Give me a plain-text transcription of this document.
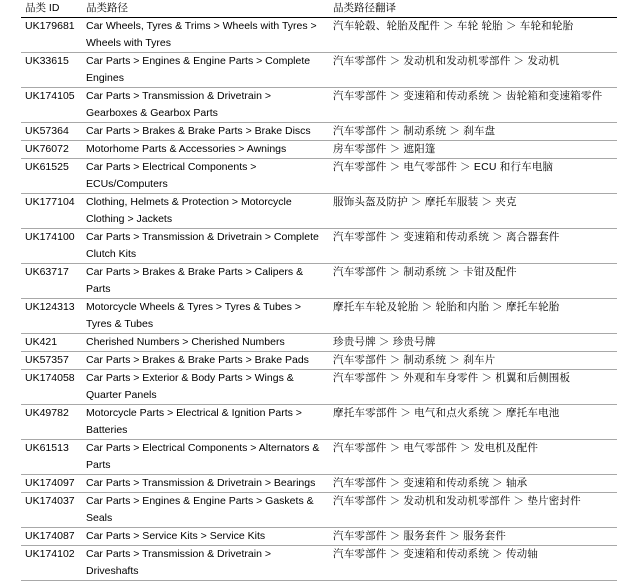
品类 ID	品类路径	品类路径翻译
UK179681	Car Wheels, Tyres & Trims > Wheels with Tyres > Wheels with Tyres	汽车轮毂、轮胎及配件 ＞ 车轮 轮胎 ＞ 车轮和轮胎
UK33615	Car Parts > Engines & Engine Parts > Complete Engines	汽车零部件 ＞ 发动机和发动机零部件 ＞ 发动机
UK174105	Car Parts > Transmission & Drivetrain > Gearboxes & Gearbox Parts	汽车零部件 ＞ 变速箱和传动系统 ＞ 齿轮箱和变速箱零件
UK57364	Car Parts > Brakes & Brake Parts > Brake Discs	汽车零部件 ＞ 制动系统 ＞ 刹车盘
UK76072	Motorhome Parts & Accessories > Awnings	房车零部件 ＞ 遮阳篷
UK61525	Car Parts > Electrical Components > ECUs/Computers	汽车零部件 ＞ 电气零部件 ＞ ECU 和行车电脑
UK177104	Clothing, Helmets & Protection > Motorcycle Clothing > Jackets	服饰头盔及防护 ＞ 摩托车服装 ＞ 夹克
UK174100	Car Parts > Transmission & Drivetrain > Complete Clutch Kits	汽车零部件 ＞ 变速箱和传动系统 ＞ 离合器套件
UK63717	Car Parts > Brakes & Brake Parts > Calipers & Parts	汽车零部件 ＞ 制动系统 ＞ 卡钳及配件
UK124313	Motorcycle Wheels & Tyres > Tyres & Tubes > Tyres & Tubes	摩托车车轮及轮胎 ＞ 轮胎和内胎 ＞ 摩托车轮胎
UK421	Cherished Numbers > Cherished Numbers	珍贵号牌 ＞ 珍贵号牌
UK57357	Car Parts > Brakes & Brake Parts > Brake Pads	汽车零部件 ＞ 制动系统 ＞ 刹车片
UK174058	Car Parts > Exterior & Body Parts > Wings & Quarter Panels	汽车零部件 ＞ 外观和车身零件 ＞ 机翼和后侧围板
UK49782	Motorcycle Parts > Electrical & Ignition Parts > Batteries	摩托车零部件 ＞ 电气和点火系统 ＞ 摩托车电池
UK61513	Car Parts > Electrical Components > Alternators & Parts	汽车零部件 ＞ 电气零部件 ＞ 发电机及配件
UK174097	Car Parts > Transmission & Drivetrain > Bearings	汽车零部件 ＞ 变速箱和传动系统 ＞ 轴承
UK174037	Car Parts > Engines & Engine Parts > Gaskets & Seals	汽车零部件 ＞ 发动机和发动机零部件 ＞ 垫片密封件
UK174087	Car Parts > Service Kits > Service Kits	汽车零部件 ＞ 服务套件 ＞ 服务套件
UK174102	Car Parts > Transmission & Drivetrain > Driveshafts	汽车零部件 ＞ 变速箱和传动系统 ＞ 传动轴
